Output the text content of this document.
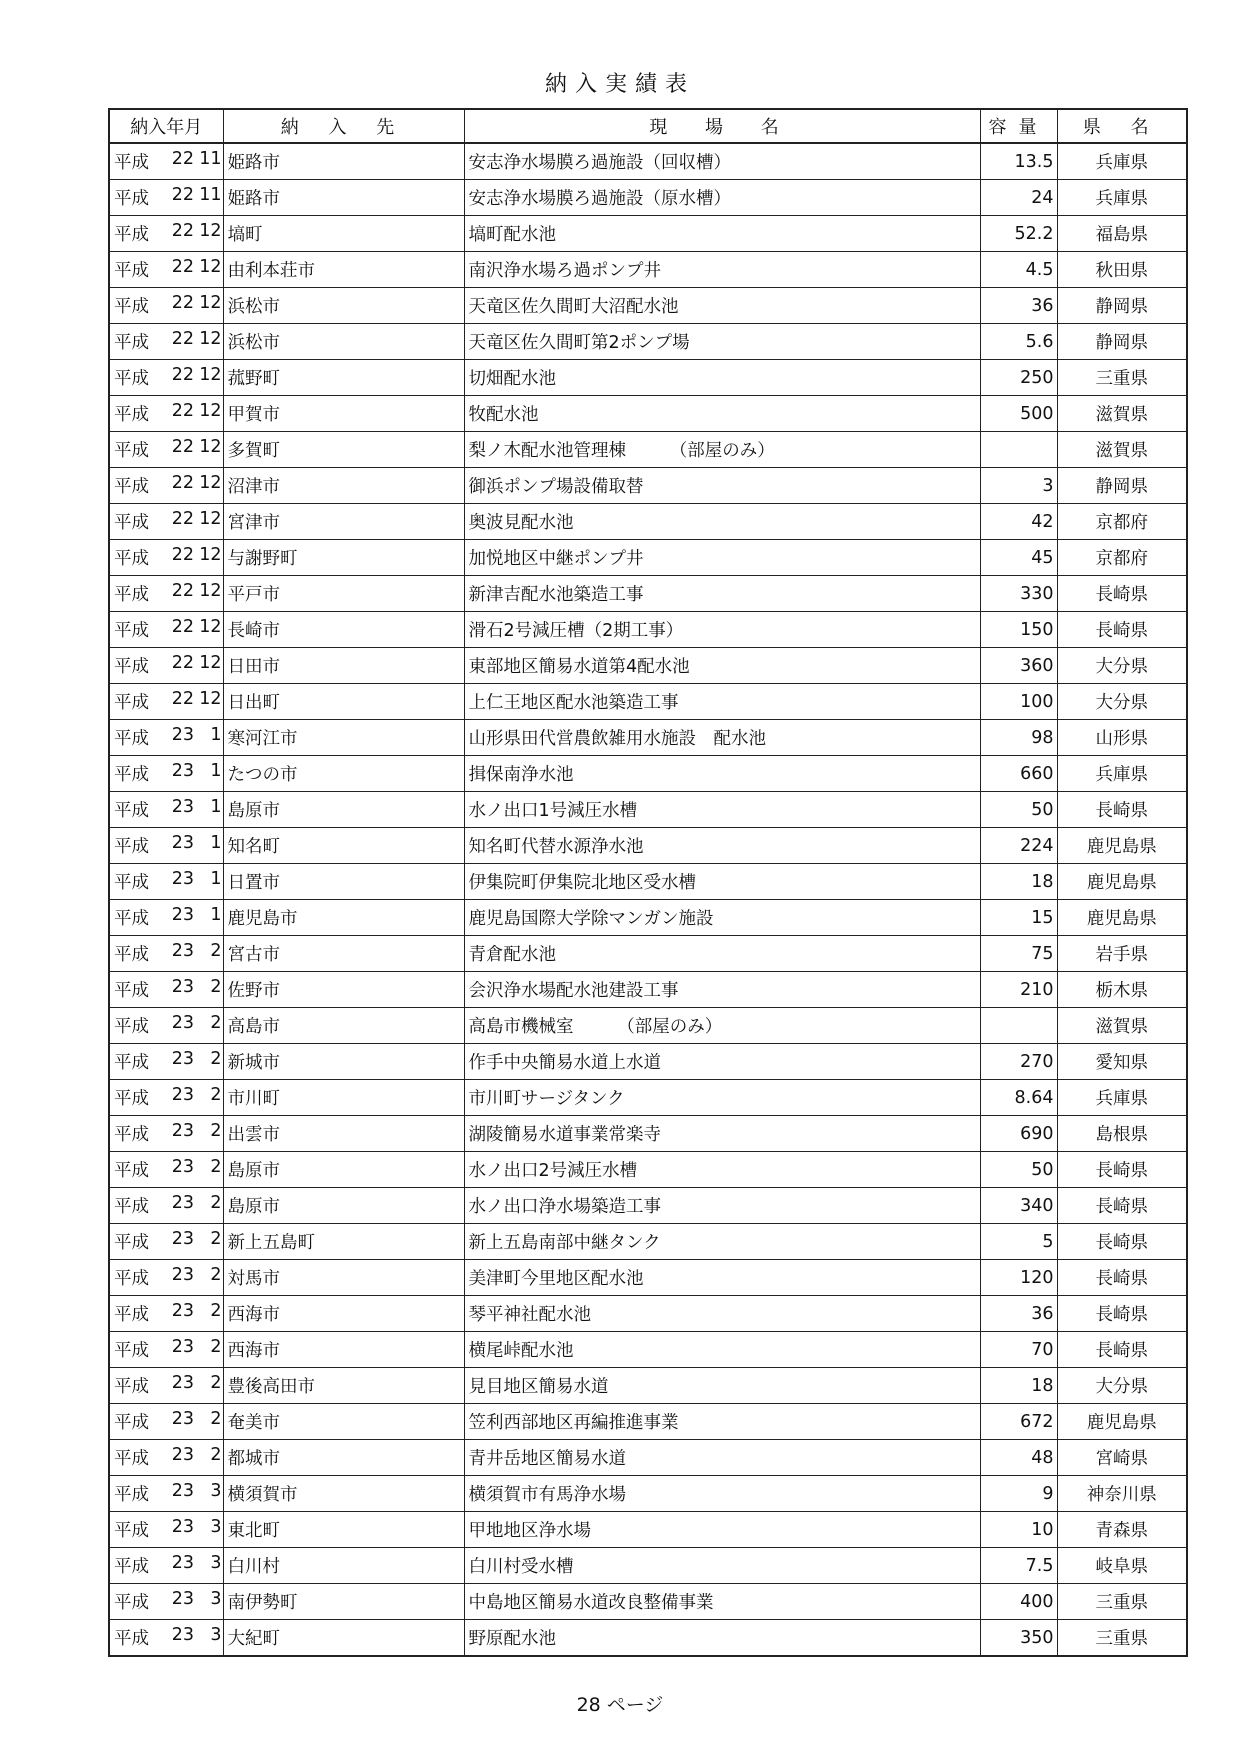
納入実績表
納入年月	納 入 先	現 場 名	容量	県 名

平成 22 11	姫路市	安志浄水場膜ろ過施設（回収槽）	13.5	兵庫県

平成 22 11	姫路市	安志浄水場膜ろ過施設（原水槽）	24	兵庫県

平成 22 12	塙町	塙町配水池	52.2	福島県

平成 22 12	由利本荘市	南沢浄水場ろ過ポンプ井	4.5	秋田県

平成 22 12	浜松市	天竜区佐久間町大沼配水池	36	静岡県

平成 22 12	浜松市	天竜区佐久間町第2ポンプ場	5.6	静岡県

平成 22 12	菰野町	切畑配水池	250	三重県

平成 22 12	甲賀市	牧配水池	500	滋賀県

平成 22 12	多賀町	梨ノ木配水池管理棟　　　（部屋のみ）		滋賀県

平成 22 12	沼津市	御浜ポンプ場設備取替	3	静岡県

平成 22 12	宮津市	奥波見配水池	42	京都府

平成 22 12	与謝野町	加悦地区中継ポンプ井	45	京都府

平成 22 12	平戸市	新津吉配水池築造工事	330	長崎県

平成 22 12	長崎市	滑石2号減圧槽（2期工事）	150	長崎県

平成 22 12	日田市	東部地区簡易水道第4配水池	360	大分県

平成 22 12	日出町	上仁王地区配水池築造工事	100	大分県

平成 23 1	寒河江市	山形県田代営農飲雑用水施設　配水池	98	山形県

平成 23 1	たつの市	揖保南浄水池	660	兵庫県

平成 23 1	島原市	水ノ出口1号減圧水槽	50	長崎県

平成 23 1	知名町	知名町代替水源浄水池	224	鹿児島県

平成 23 1	日置市	伊集院町伊集院北地区受水槽	18	鹿児島県

平成 23 1	鹿児島市	鹿児島国際大学除マンガン施設	15	鹿児島県

平成 23 2	宮古市	青倉配水池	75	岩手県

平成 23 2	佐野市	会沢浄水場配水池建設工事	210	栃木県

平成 23 2	高島市	高島市機械室　　　（部屋のみ）		滋賀県

平成 23 2	新城市	作手中央簡易水道上水道	270	愛知県

平成 23 2	市川町	市川町サージタンク	8.64	兵庫県

平成 23 2	出雲市	湖陵簡易水道事業常楽寺	690	島根県

平成 23 2	島原市	水ノ出口2号減圧水槽	50	長崎県

平成 23 2	島原市	水ノ出口浄水場築造工事	340	長崎県

平成 23 2	新上五島町	新上五島南部中継タンク	5	長崎県

平成 23 2	対馬市	美津町今里地区配水池	120	長崎県

平成 23 2	西海市	琴平神社配水池	36	長崎県

平成 23 2	西海市	横尾峠配水池	70	長崎県

平成 23 2	豊後高田市	見目地区簡易水道	18	大分県

平成 23 2	奄美市	笠利西部地区再編推進事業	672	鹿児島県

平成 23 2	都城市	青井岳地区簡易水道	48	宮崎県

平成 23 3	横須賀市	横須賀市有馬浄水場	9	神奈川県

平成 23 3	東北町	甲地地区浄水場	10	青森県

平成 23 3	白川村	白川村受水槽	7.5	岐阜県

平成 23 3	南伊勢町	中島地区簡易水道改良整備事業	400	三重県

平成 23 3	大紀町	野原配水池	350	三重県
28 ページ
